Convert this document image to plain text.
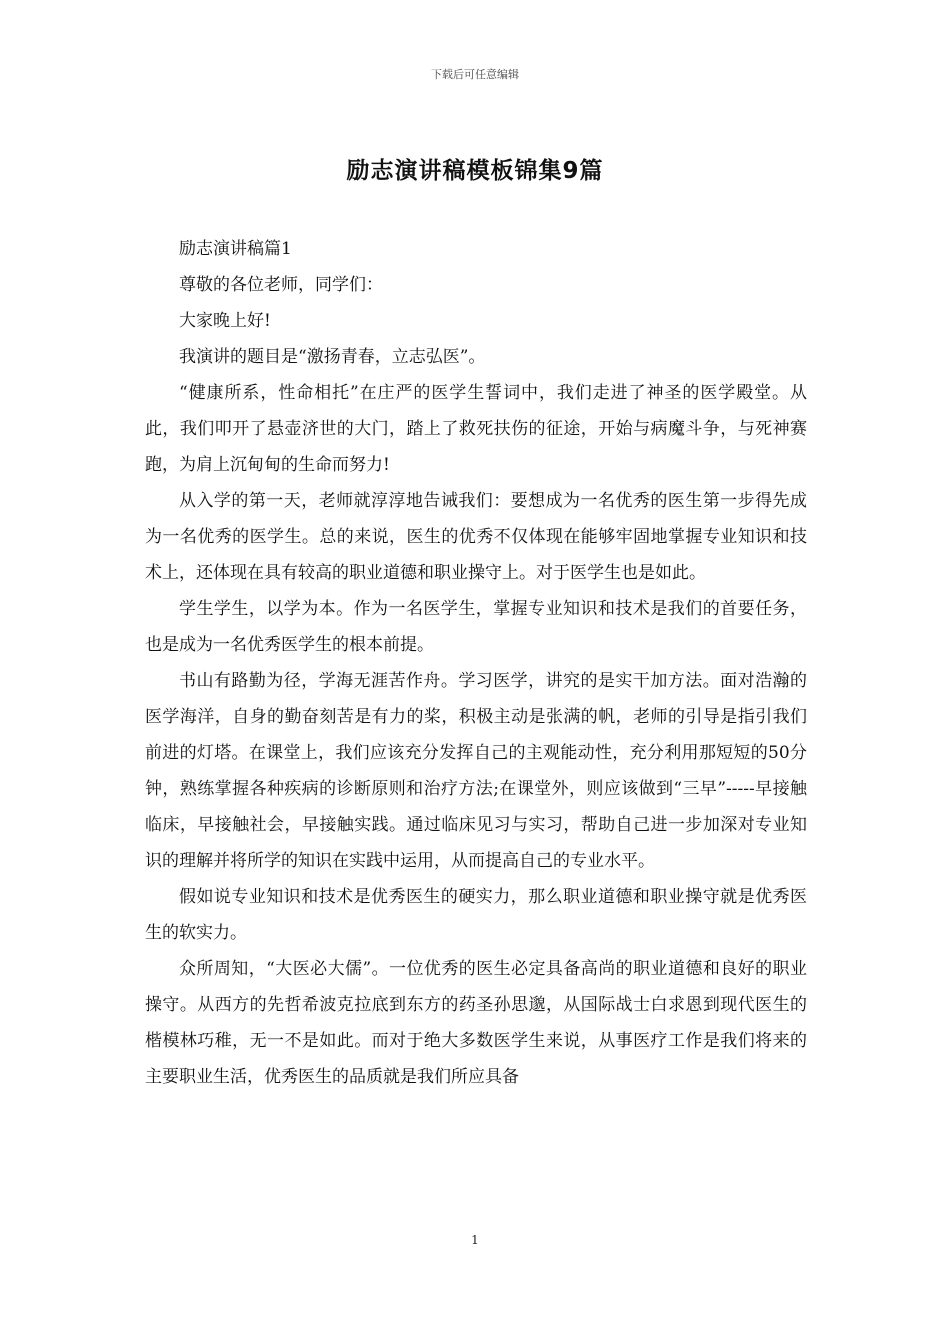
下载后可任意编辑
励志演讲稿模板锦集9篇

励志演讲稿篇1

尊敬的各位老师，同学们：

大家晚上好!

我演讲的题目是“激扬青春，立志弘医”。

“健康所系，性命相托”在庄严的医学生誓词中，我们走进了神圣的医学殿堂。从此，我们叩开了悬壶济世的大门，踏上了救死扶伤的征途，开始与病魔斗争，与死神赛跑，为肩上沉甸甸的生命而努力!

从入学的第一天，老师就淳淳地告诫我们：要想成为一名优秀的医生第一步得先成为一名优秀的医学生。总的来说，医生的优秀不仅体现在能够牢固地掌握专业知识和技术上，还体现在具有较高的职业道德和职业操守上。对于医学生也是如此。

学生学生，以学为本。作为一名医学生，掌握专业知识和技术是我们的首要任务，也是成为一名优秀医学生的根本前提。

书山有路勤为径，学海无涯苦作舟。学习医学，讲究的是实干加方法。面对浩瀚的医学海洋，自身的勤奋刻苦是有力的桨，积极主动是张满的帆，老师的引导是指引我们前进的灯塔。在课堂上，我们应该充分发挥自己的主观能动性，充分利用那短短的50分钟，熟练掌握各种疾病的诊断原则和治疗方法;在课堂外，则应该做到“三早”-----早接触临床，早接触社会，早接触实践。通过临床见习与实习，帮助自己进一步加深对专业知识的理解并将所学的知识在实践中运用，从而提高自己的专业水平。

假如说专业知识和技术是优秀医生的硬实力，那么职业道德和职业操守就是优秀医生的软实力。

众所周知，“大医必大儒”。一位优秀的医生必定具备高尚的职业道德和良好的职业操守。从西方的先哲希波克拉底到东方的药圣孙思邈，从国际战士白求恩到现代医生的楷模林巧稚，无一不是如此。而对于绝大多数医学生来说，从事医疗工作是我们将来的主要职业生活，优秀医生的品质就是我们所应具备

1
